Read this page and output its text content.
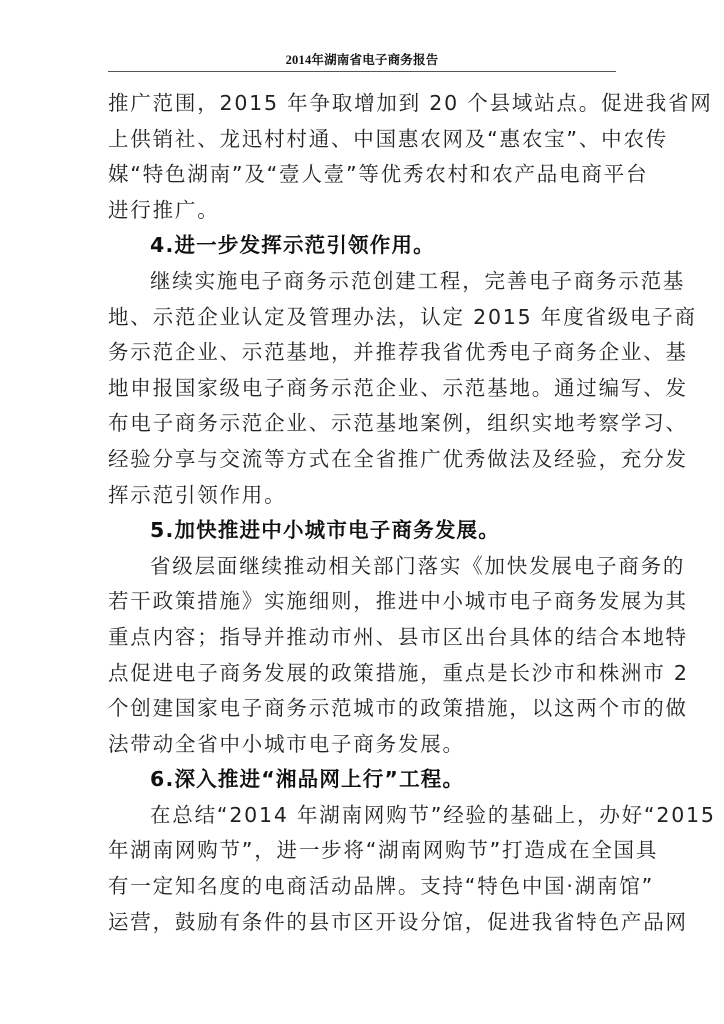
2014年湖南省电子商务报告
推广范围，2015 年争取增加到 20 个县域站点。促进我省网
上供销社、龙迅村村通、中国惠农网及“惠农宝”、中农传
媒“特色湖南”及“壹人壹”等优秀农村和农产品电商平台
进行推广。
4.进一步发挥示范引领作用。
继续实施电子商务示范创建工程，完善电子商务示范基
地、示范企业认定及管理办法，认定 2015 年度省级电子商
务示范企业、示范基地，并推荐我省优秀电子商务企业、基
地申报国家级电子商务示范企业、示范基地。通过编写、发
布电子商务示范企业、示范基地案例，组织实地考察学习、
经验分享与交流等方式在全省推广优秀做法及经验，充分发
挥示范引领作用。
5.加快推进中小城市电子商务发展。
省级层面继续推动相关部门落实《加快发展电子商务的
若干政策措施》实施细则，推进中小城市电子商务发展为其
重点内容；指导并推动市州、县市区出台具体的结合本地特
点促进电子商务发展的政策措施，重点是长沙市和株洲市 2
个创建国家电子商务示范城市的政策措施，以这两个市的做
法带动全省中小城市电子商务发展。
6.深入推进“湘品网上行”工程。
在总结“2014 年湖南网购节”经验的基础上，办好“2015
年湖南网购节”，进一步将“湖南网购节”打造成在全国具
有一定知名度的电商活动品牌。支持“特色中国·湖南馆”
运营，鼓励有条件的县市区开设分馆，促进我省特色产品网
